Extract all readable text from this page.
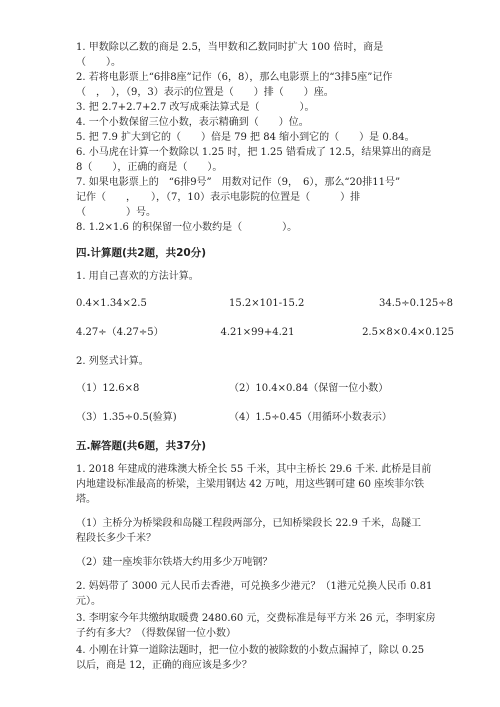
1. 甲数除以乙数的商是 2.5，当甲数和乙数同时扩大 100 倍时，商是
（　　）。
2. 若将电影票上“6排8座”记作（6，8），那么电影票上的“3排5座”记作
（　，　），（9，3）表示的位置是（　　）排（　　）座。
3. 把 2.7+2.7+2.7 改写成乘法算式是（　　　　）。
4. 一个小数保留三位小数，表示精确到（　　）位。
5. 把 7.9 扩大到它的（　　）倍是 79 把 84 缩小到它的（　　）是 0.84。
6. 小马虎在计算一个数除以 1.25 时，把 1.25 错看成了 12.5，结果算出的商是
8（　　），正确的商是（　　）。
7. 如果电影票上的　“6排9号”　用数对记作（9，　6），那么“20排11号”
记作（　　，　　），（7，10）表示电影院的位置是（　　　）排
（　　　　）号。
8. 1.2×1.6 的积保留一位小数约是（　　　　）。
四.计算题(共2题，共20分)
1. 用自己喜欢的方法计算。
0.4×1.34×2.5	15.2×101-15.2	34.5÷0.125÷8
4.27÷（4.27÷5）	4.21×99+4.21	2.5×8×0.4×0.125
2. 列竖式计算。
（1）12.6×8	（2）10.4×0.84（保留一位小数）
（3）1.35÷0.5(验算)	（4）1.5÷0.45（用循环小数表示）
五.解答题(共6题，共37分)
1. 2018 年建成的港珠澳大桥全长 55 千米，其中主桥长 29.6 千米. 此桥是目前
内地建设标准最高的桥梁，主梁用钢达 42 万吨，用这些钢可建 60 座埃菲尔铁
塔。
（1）主桥分为桥梁段和岛隧工程段两部分，已知桥梁段长 22.9 千米，岛隧工
程段长多少千米？
（2）建一座埃菲尔铁塔大约用多少万吨钢？
2. 妈妈带了 3000 元人民币去香港，可兑换多少港元？（1港元兑换人民币 0.81
元）。
3. 李明家今年共缴纳取暖费 2480.60 元，交费标准是每平方米 26 元，李明家房
子约有多大？（得数保留一位小数）
4. 小刚在计算一道除法题时，把一位小数的被除数的小数点漏掉了，除以 0.25
以后，商是 12，正确的商应该是多少？
